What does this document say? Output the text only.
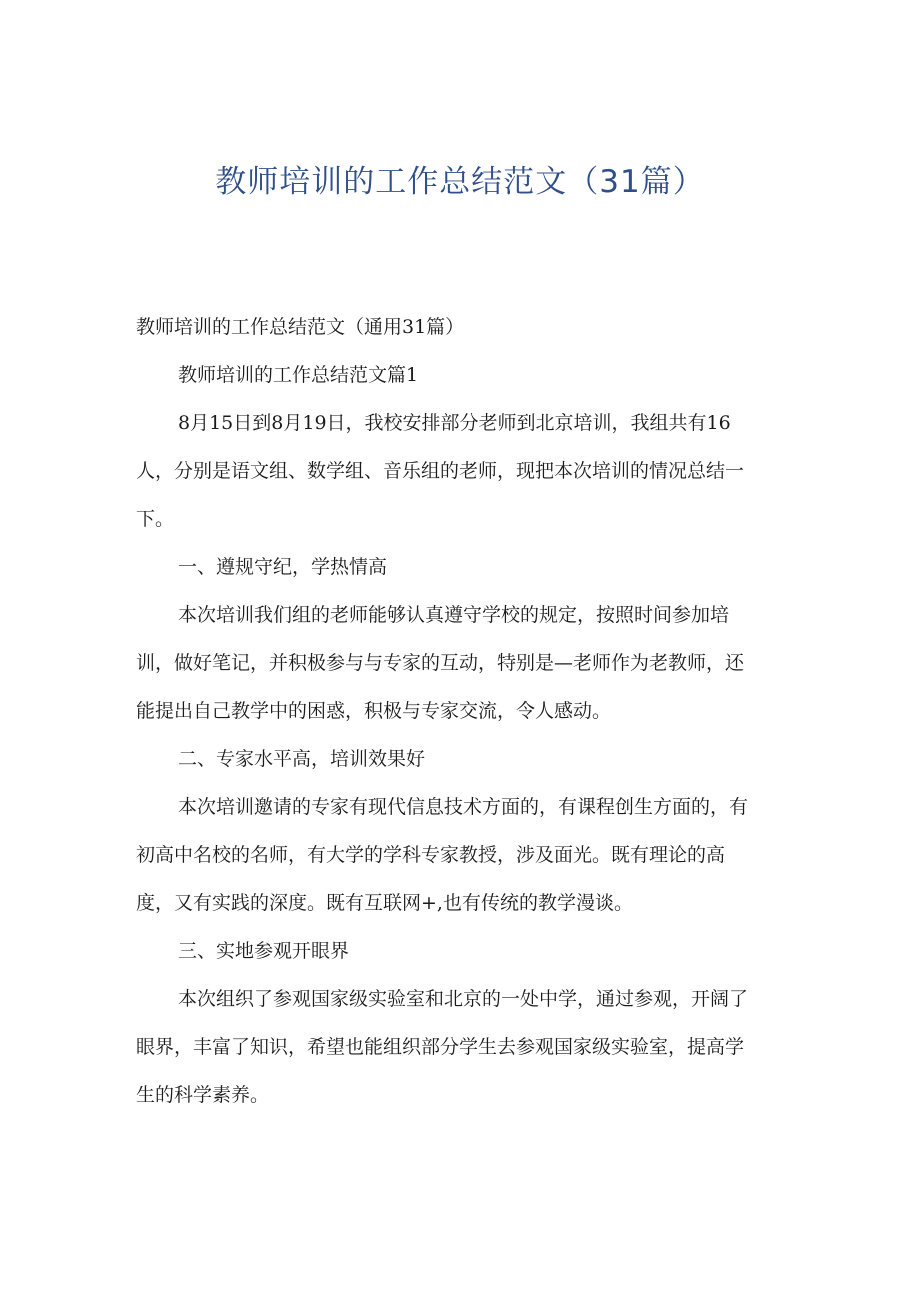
教师培训的工作总结范文（31篇）

教师培训的工作总结范文（通用31篇）

教师培训的工作总结范文篇1

8月15日到8月19日，我校安排部分老师到北京培训，我组共有16

人，分别是语文组、数学组、音乐组的老师，现把本次培训的情况总结一

下。

一、遵规守纪，学热情高

本次培训我们组的老师能够认真遵守学校的规定，按照时间参加培

训，做好笔记，并积极参与与专家的互动，特别是—老师作为老教师，还

能提出自己教学中的困惑，积极与专家交流，令人感动。

二、专家水平高，培训效果好

本次培训邀请的专家有现代信息技术方面的，有课程创生方面的，有

初高中名校的名师，有大学的学科专家教授，涉及面光。既有理论的高

度，又有实践的深度。既有互联网+,也有传统的教学漫谈。

三、实地参观开眼界

本次组织了参观国家级实验室和北京的一处中学，通过参观，开阔了

眼界，丰富了知识，希望也能组织部分学生去参观国家级实验室，提高学

生的科学素养。
